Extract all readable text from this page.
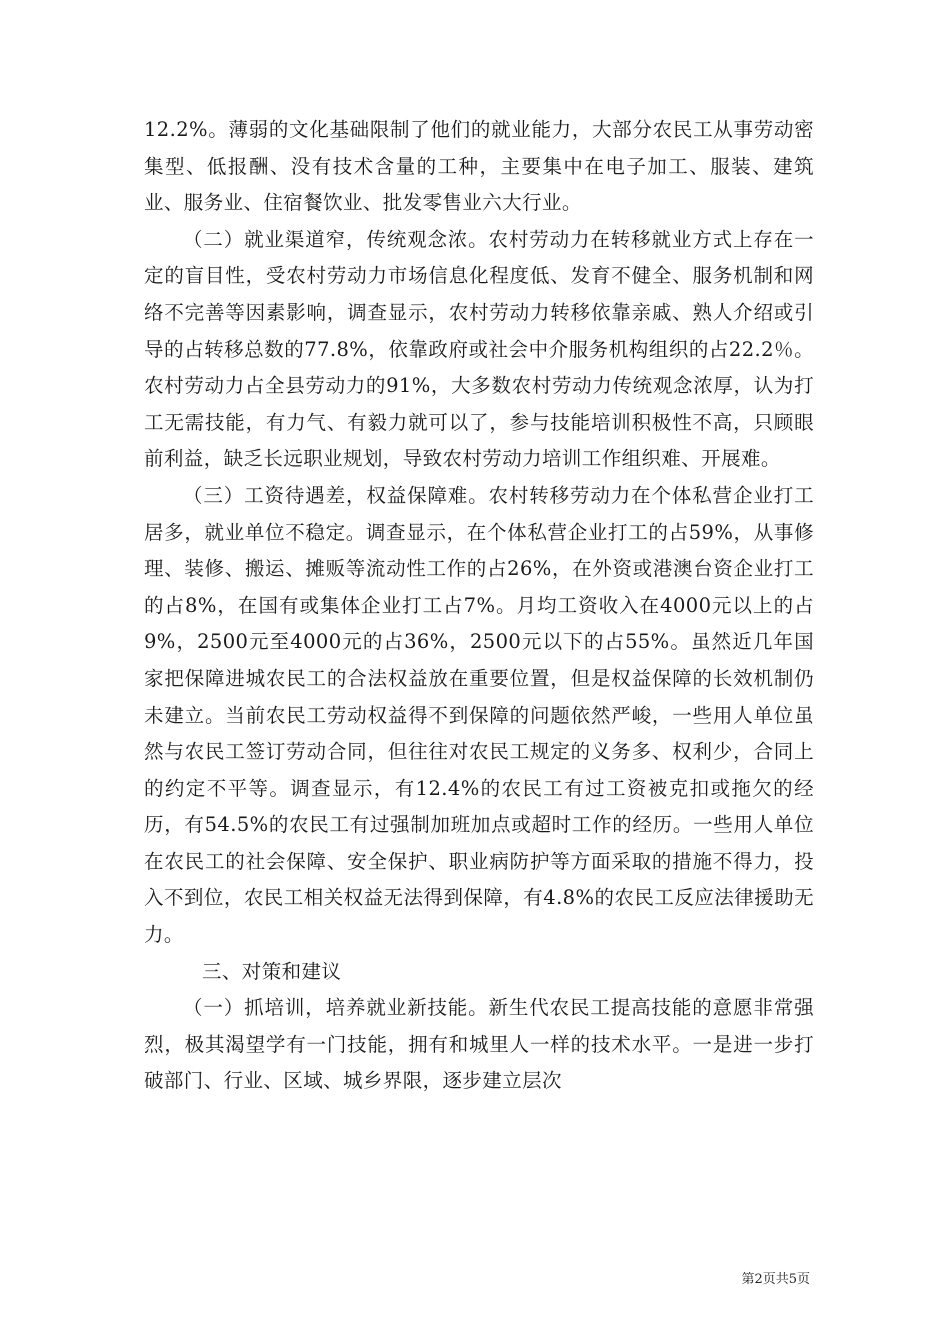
12.2%。薄弱的文化基础限制了他们的就业能力，大部分农民工从事劳动密集型、低报酬、没有技术含量的工种，主要集中在电子加工、服装、建筑业、服务业、住宿餐饮业、批发零售业六大行业。

（二）就业渠道窄，传统观念浓。农村劳动力在转移就业方式上存在一定的盲目性，受农村劳动力市场信息化程度低、发育不健全、服务机制和网络不完善等因素影响，调查显示，农村劳动力转移依靠亲戚、熟人介绍或引导的占转移总数的77.8%，依靠政府或社会中介服务机构组织的占22.2％。农村劳动力占全县劳动力的91%，大多数农村劳动力传统观念浓厚，认为打工无需技能，有力气、有毅力就可以了，参与技能培训积极性不高，只顾眼前利益，缺乏长远职业规划，导致农村劳动力培训工作组织难、开展难。

（三）工资待遇差，权益保障难。农村转移劳动力在个体私营企业打工居多，就业单位不稳定。调查显示，在个体私营企业打工的占59%，从事修理、装修、搬运、摊贩等流动性工作的占26%，在外资或港澳台资企业打工的占8%，在国有或集体企业打工占7%。月均工资收入在4000元以上的占9%，2500元至4000元的占36%，2500元以下的占55%。虽然近几年国家把保障进城农民工的合法权益放在重要位置，但是权益保障的长效机制仍未建立。当前农民工劳动权益得不到保障的问题依然严峻，一些用人单位虽然与农民工签订劳动合同，但往往对农民工规定的义务多、权利少，合同上的约定不平等。调查显示，有12.4%的农民工有过工资被克扣或拖欠的经历，有54.5%的农民工有过强制加班加点或超时工作的经历。一些用人单位在农民工的社会保障、安全保护、职业病防护等方面采取的措施不得力，投入不到位，农民工相关权益无法得到保障，有4.8%的农民工反应法律援助无力。

三、对策和建议

（一）抓培训，培养就业新技能。新生代农民工提高技能的意愿非常强烈，极其渴望学有一门技能，拥有和城里人一样的技术水平。一是进一步打破部门、行业、区域、城乡界限，逐步建立层次

第2页共5页
